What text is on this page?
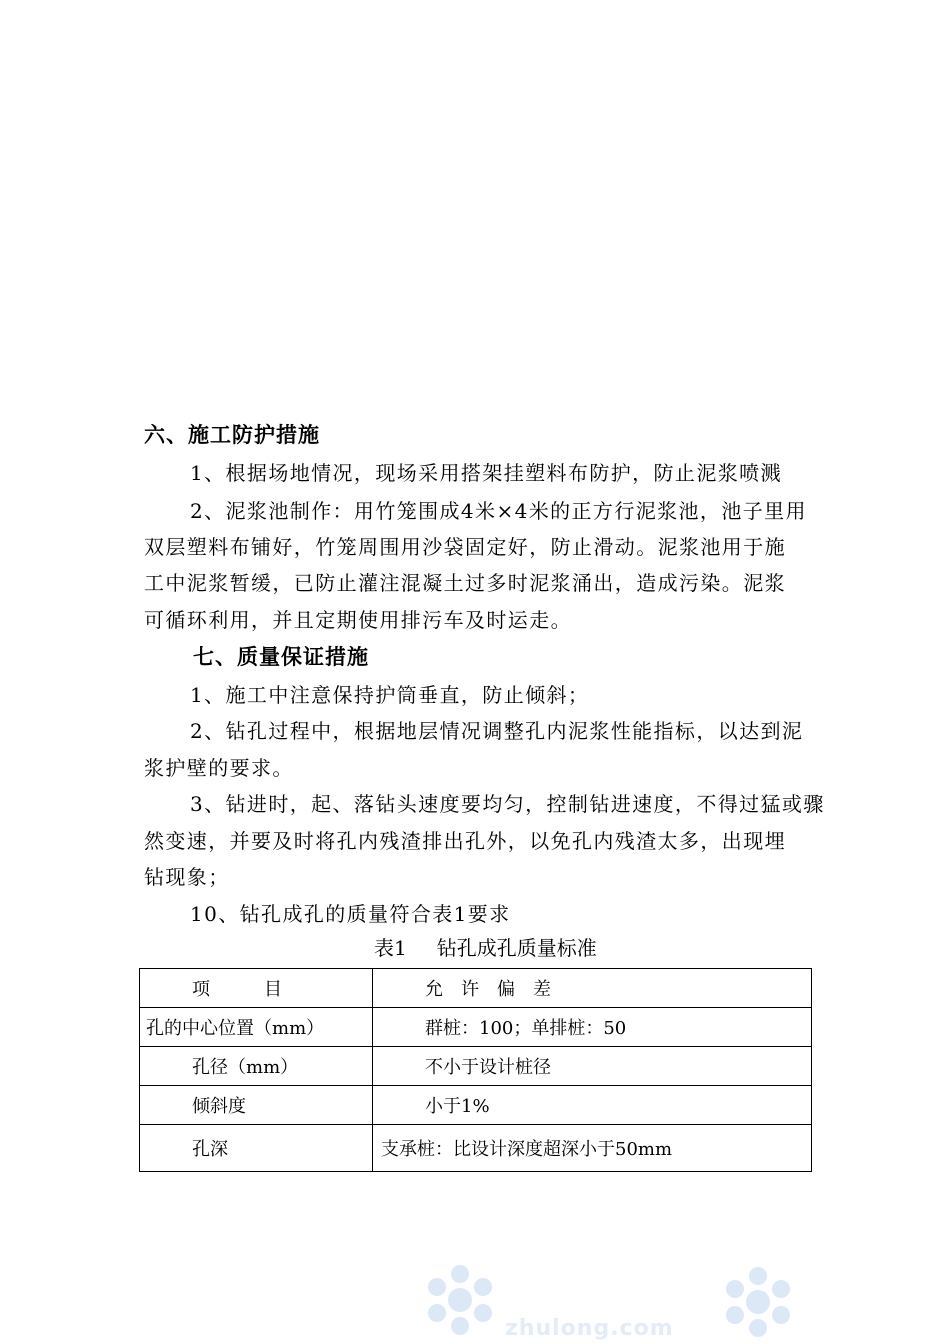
六、施工防护措施
1、根据场地情况，现场采用搭架挂塑料布防护，防止泥浆喷溅
2、泥浆池制作：用竹笼围成4米×4米的正方行泥浆池，池子里用
双层塑料布铺好，竹笼周围用沙袋固定好，防止滑动。泥浆池用于施
工中泥浆暂缓，已防止灌注混凝土过多时泥浆涌出，造成污染。泥浆
可循环利用，并且定期使用排污车及时运走。
七、质量保证措施
1、施工中注意保持护筒垂直，防止倾斜；
2、钻孔过程中，根据地层情况调整孔内泥浆性能指标，以达到泥
浆护壁的要求。
3、钻进时，起、落钻头速度要均匀，控制钻进速度，不得过猛或骤
然变速，并要及时将孔内残渣排出孔外，以免孔内残渣太多，出现埋
钻现象；
10、钻孔成孔的质量符合表1要求
表1 钻孔成孔质量标准
项　　　目	允　许　偏　差
孔的中心位置（mm）	群桩：100；单排桩：50
孔径（mm）	不小于设计桩径
倾斜度	小于1%
孔深	支承桩：比设计深度超深小于50mm
zhulong.com
